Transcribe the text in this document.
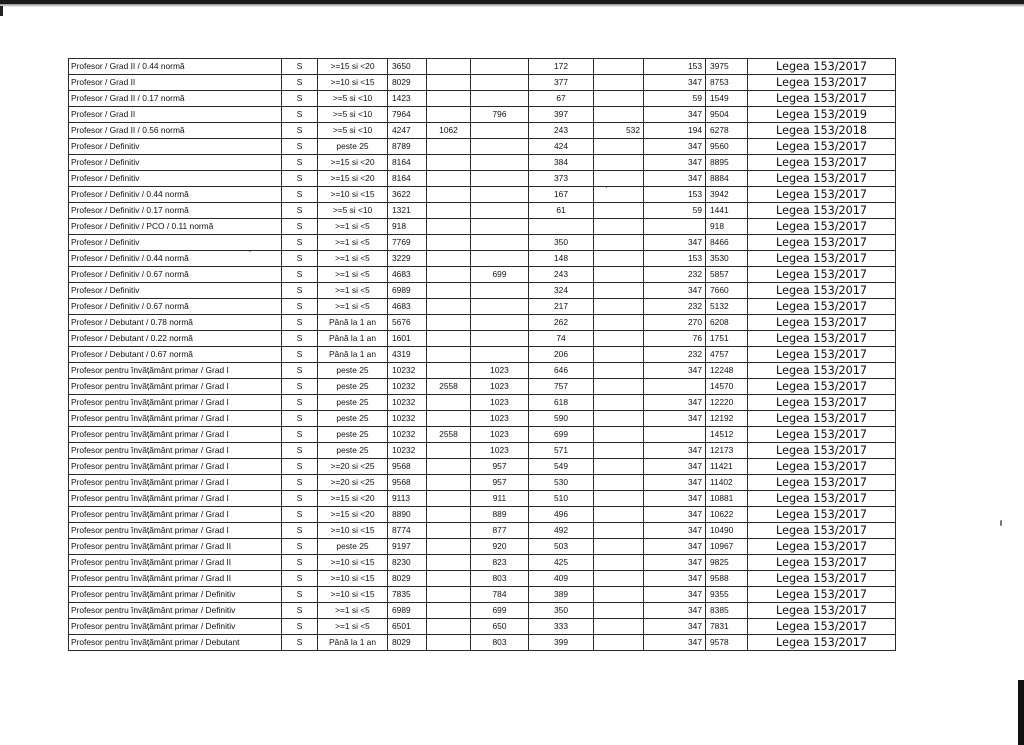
Profesor / Grad II / 0.44 normă	S	>=15 si <20	3650			172		153	3975	Legea 153/2017
Profesor / Grad II	S	>=10 si <15	8029			377		347	8753	Legea 153/2017
Profesor / Grad II / 0.17 normă	S	>=5 si <10	1423			67		59	1549	Legea 153/2017
Profesor / Grad II	S	>=5 si <10	7964		796	397		347	9504	Legea 153/2019
Profesor / Grad II / 0.56 normă	S	>=5 si <10	4247	1062		243	532	194	6278	Legea 153/2018
Profesor / Definitiv	S	peste 25	8789			424		347	9560	Legea 153/2017
Profesor / Definitiv	S	>=15 si <20	8164			384		347	8895	Legea 153/2017
Profesor / Definitiv	S	>=15 si <20	8164			373		347	8884	Legea 153/2017
Profesor / Definitiv / 0.44 normă	S	>=10 si <15	3622			167		153	3942	Legea 153/2017
Profesor / Definitiv / 0.17 normă	S	>=5 si <10	1321			61		59	1441	Legea 153/2017
Profesor / Definitiv / PCO / 0.11 normă	S	>=1 si <5	918						918	Legea 153/2017
Profesor / Definitiv	S	>=1 si <5	7769			350		347	8466	Legea 153/2017
Profesor / Definitiv / 0.44 normă	S	>=1 si <5	3229			148		153	3530	Legea 153/2017
Profesor / Definitiv / 0.67 normă	S	>=1 si <5	4683		699	243		232	5857	Legea 153/2017
Profesor / Definitiv	S	>=1 si <5	6989			324		347	7660	Legea 153/2017
Profesor / Definitiv / 0.67 normă	S	>=1 si <5	4683			217		232	5132	Legea 153/2017
Profesor / Debutant / 0.78 normă	S	Până la 1 an	5676			262		270	6208	Legea 153/2017
Profesor / Debutant / 0.22 normă	S	Până la 1 an	1601			74		76	1751	Legea 153/2017
Profesor / Debutant / 0.67 normă	S	Până la 1 an	4319			206		232	4757	Legea 153/2017
Profesor pentru învățământ primar / Grad I	S	peste 25	10232		1023	646		347	12248	Legea 153/2017
Profesor pentru învățământ primar / Grad I	S	peste 25	10232	2558	1023	757			14570	Legea 153/2017
Profesor pentru învățământ primar / Grad I	S	peste 25	10232		1023	618		347	12220	Legea 153/2017
Profesor pentru învățământ primar / Grad I	S	peste 25	10232		1023	590		347	12192	Legea 153/2017
Profesor pentru învățământ primar / Grad I	S	peste 25	10232	2558	1023	699			14512	Legea 153/2017
Profesor pentru învățământ primar / Grad I	S	peste 25	10232		1023	571		347	12173	Legea 153/2017
Profesor pentru învățământ primar / Grad I	S	>=20 si <25	9568		957	549		347	11421	Legea 153/2017
Profesor pentru învățământ primar / Grad I	S	>=20 si <25	9568		957	530		347	11402	Legea 153/2017
Profesor pentru învățământ primar / Grad I	S	>=15 si <20	9113		911	510		347	10881	Legea 153/2017
Profesor pentru învățământ primar / Grad I	S	>=15 si <20	8890		889	496		347	10622	Legea 153/2017
Profesor pentru învățământ primar / Grad I	S	>=10 si <15	8774		877	492		347	10490	Legea 153/2017
Profesor pentru învățământ primar / Grad II	S	peste 25	9197		920	503		347	10967	Legea 153/2017
Profesor pentru învățământ primar / Grad II	S	>=10 si <15	8230		823	425		347	9825	Legea 153/2017
Profesor pentru învățământ primar / Grad II	S	>=10 si <15	8029		803	409		347	9588	Legea 153/2017
Profesor pentru învățământ primar / Definitiv	S	>=10 si <15	7835		784	389		347	9355	Legea 153/2017
Profesor pentru învățământ primar / Definitiv	S	>=1 si <5	6989		699	350		347	8385	Legea 153/2017
Profesor pentru învățământ primar / Definitiv	S	>=1 si <5	6501		650	333		347	7831	Legea 153/2017
Profesor pentru învățământ primar / Debutant	S	Până la 1 an	8029		803	399		347	9578	Legea 153/2017
